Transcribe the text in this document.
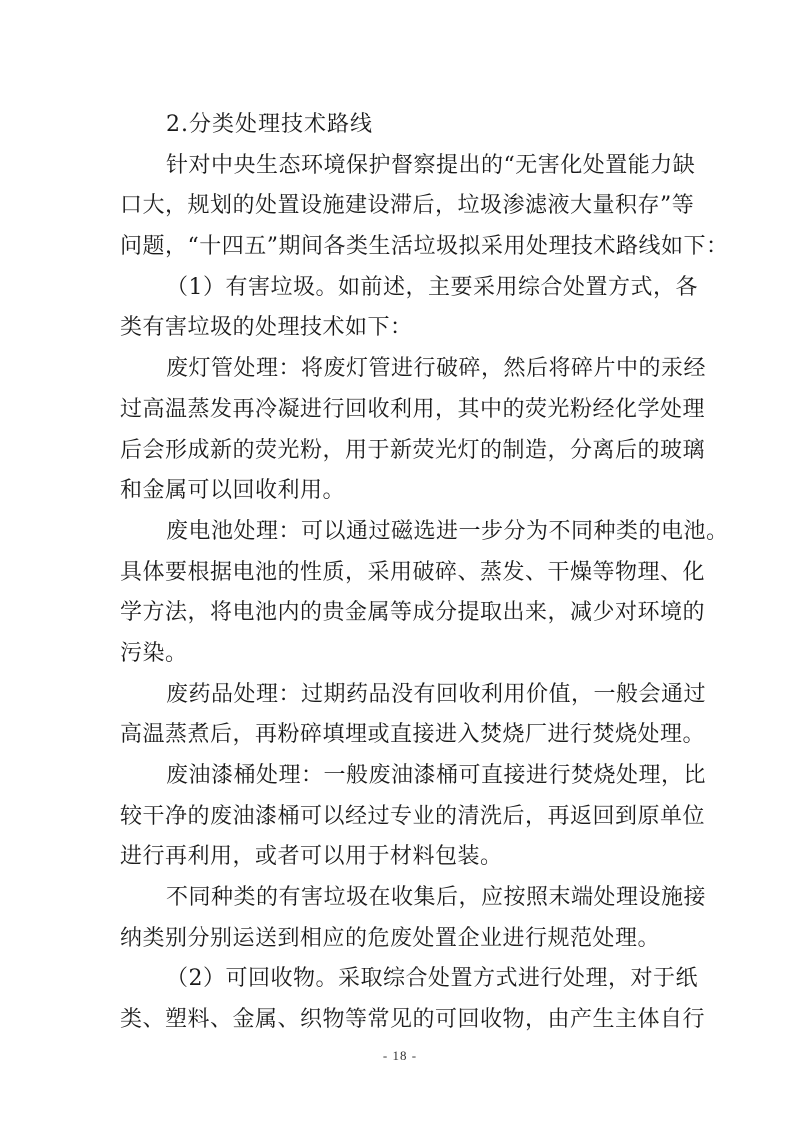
2.分类处理技术路线
针对中央生态环境保护督察提出的“无害化处置能力缺
口大，规划的处置设施建设滞后，垃圾渗滤液大量积存”等
问题，“十四五”期间各类生活垃圾拟采用处理技术路线如下：
（1）有害垃圾。如前述，主要采用综合处置方式，各
类有害垃圾的处理技术如下：
废灯管处理：将废灯管进行破碎，然后将碎片中的汞经
过高温蒸发再冷凝进行回收利用，其中的荧光粉经化学处理
后会形成新的荧光粉，用于新荧光灯的制造，分离后的玻璃
和金属可以回收利用。
废电池处理：可以通过磁选进一步分为不同种类的电池。
具体要根据电池的性质，采用破碎、蒸发、干燥等物理、化
学方法，将电池内的贵金属等成分提取出来，减少对环境的
污染。
废药品处理：过期药品没有回收利用价值，一般会通过
高温蒸煮后，再粉碎填埋或直接进入焚烧厂进行焚烧处理。
废油漆桶处理：一般废油漆桶可直接进行焚烧处理，比
较干净的废油漆桶可以经过专业的清洗后，再返回到原单位
进行再利用，或者可以用于材料包装。
不同种类的有害垃圾在收集后，应按照末端处理设施接
纳类别分别运送到相应的危废处置企业进行规范处理。
（2）可回收物。采取综合处置方式进行处理，对于纸
类、塑料、金属、织物等常见的可回收物，由产生主体自行
- 18 -
